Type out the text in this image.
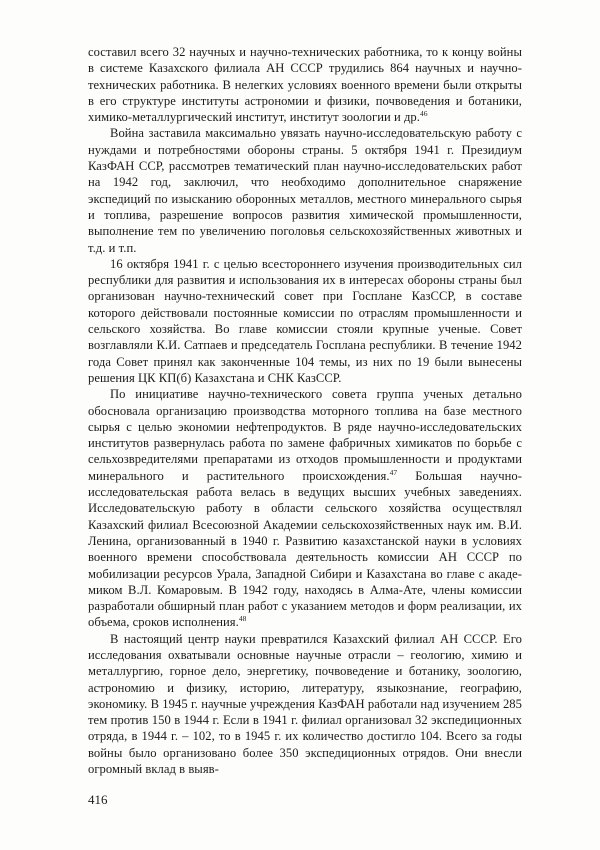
составил всего 32 научных и научно-технических работника, то к концу войны в системе Казахского филиала АН СССР трудились 864 научных и научно-технических работника. В нелегких условиях военного времени были открыты в его структуре институты астрономии и физики, почвоведения и ботаники, химико-металлургический институт, институт зоологии и др.$^{46}$

Война заставила максимально увязать научно-исследовательскую работу с нуждами и потребностями обороны страны. 5 октября 1941 г. Президиум КазФАН ССР, рассмотрев тематический план научно-исследовательских работ на 1942 год, заключил, что необходимо дополнительное снаряжение экспедиций по изысканию оборонных металлов, местного минерального сырья и топлива, разрешение вопросов развития химической промышленности, выполнение тем по увеличению поголовья сельскохозяйственных животных и т.д. и т.п.

16 октября 1941 г. с целью всестороннего изучения производительных сил республики для развития и использования их в интересах обороны страны был организован научно-технический совет при Госплане КазССР, в составе которого действовали постоянные комиссии по отраслям промышленности и сельского хозяйства. Во главе комиссии стояли крупные ученые. Совет возглавляли К.И. Сатпаев и председатель Госплана республики. В течение 1942 года Совет принял как законченные 104 темы, из них по 19 были вынесены решения ЦК КП(б) Казахстана и СНК КазССР.

По инициативе научно-технического совета группа ученых детально обосновала организацию производства моторного топлива на базе местного сырья с целью экономии нефтепродуктов. В ряде научно-исследовательских институтов развернулась работа по замене фабричных химикатов по борьбе с сельхозвредителями препаратами из отходов промышленности и продуктами минерального и растительного происхождения.$^{47}$ Большая научно-исследовательская работа велась в ведущих высших учебных заведениях. Исследовательскую работу в области сельского хозяйства осуществлял Казахский филиал Всесоюзной Академии сельскохозяйственных наук им. В.И. Ленина, организованный в 1940 г. Развитию казахстанской науки в условиях военного времени способствовала деятельность комиссии АН СССР по мобилизации ресурсов Урала, Западной Сибири и Казахстана во главе с академиком В.Л. Комаровым. В 1942 году, находясь в Алма-Ате, члены комиссии разработали обширный план работ с указанием методов и форм реализации, их объема, сроков исполнения.$^{48}$

В настоящий центр науки превратился Казахский филиал АН СССР. Его исследования охватывали основные научные отрасли – геологию, химию и металлургию, горное дело, энергетику, почвоведение и ботанику, зоологию, астрономию и физику, историю, литературу, языкознание, географию, экономику. В 1945 г. научные учреждения КазФАН работали над изучением 285 тем против 150 в 1944 г. Если в 1941 г. филиал организовал 32 экспедиционных отряда, в 1944 г. – 102, то в 1945 г. их количество достигло 104. Всего за годы войны было организовано более 350 экспедиционных отрядов. Они внесли огромный вклад в выяв-

416
